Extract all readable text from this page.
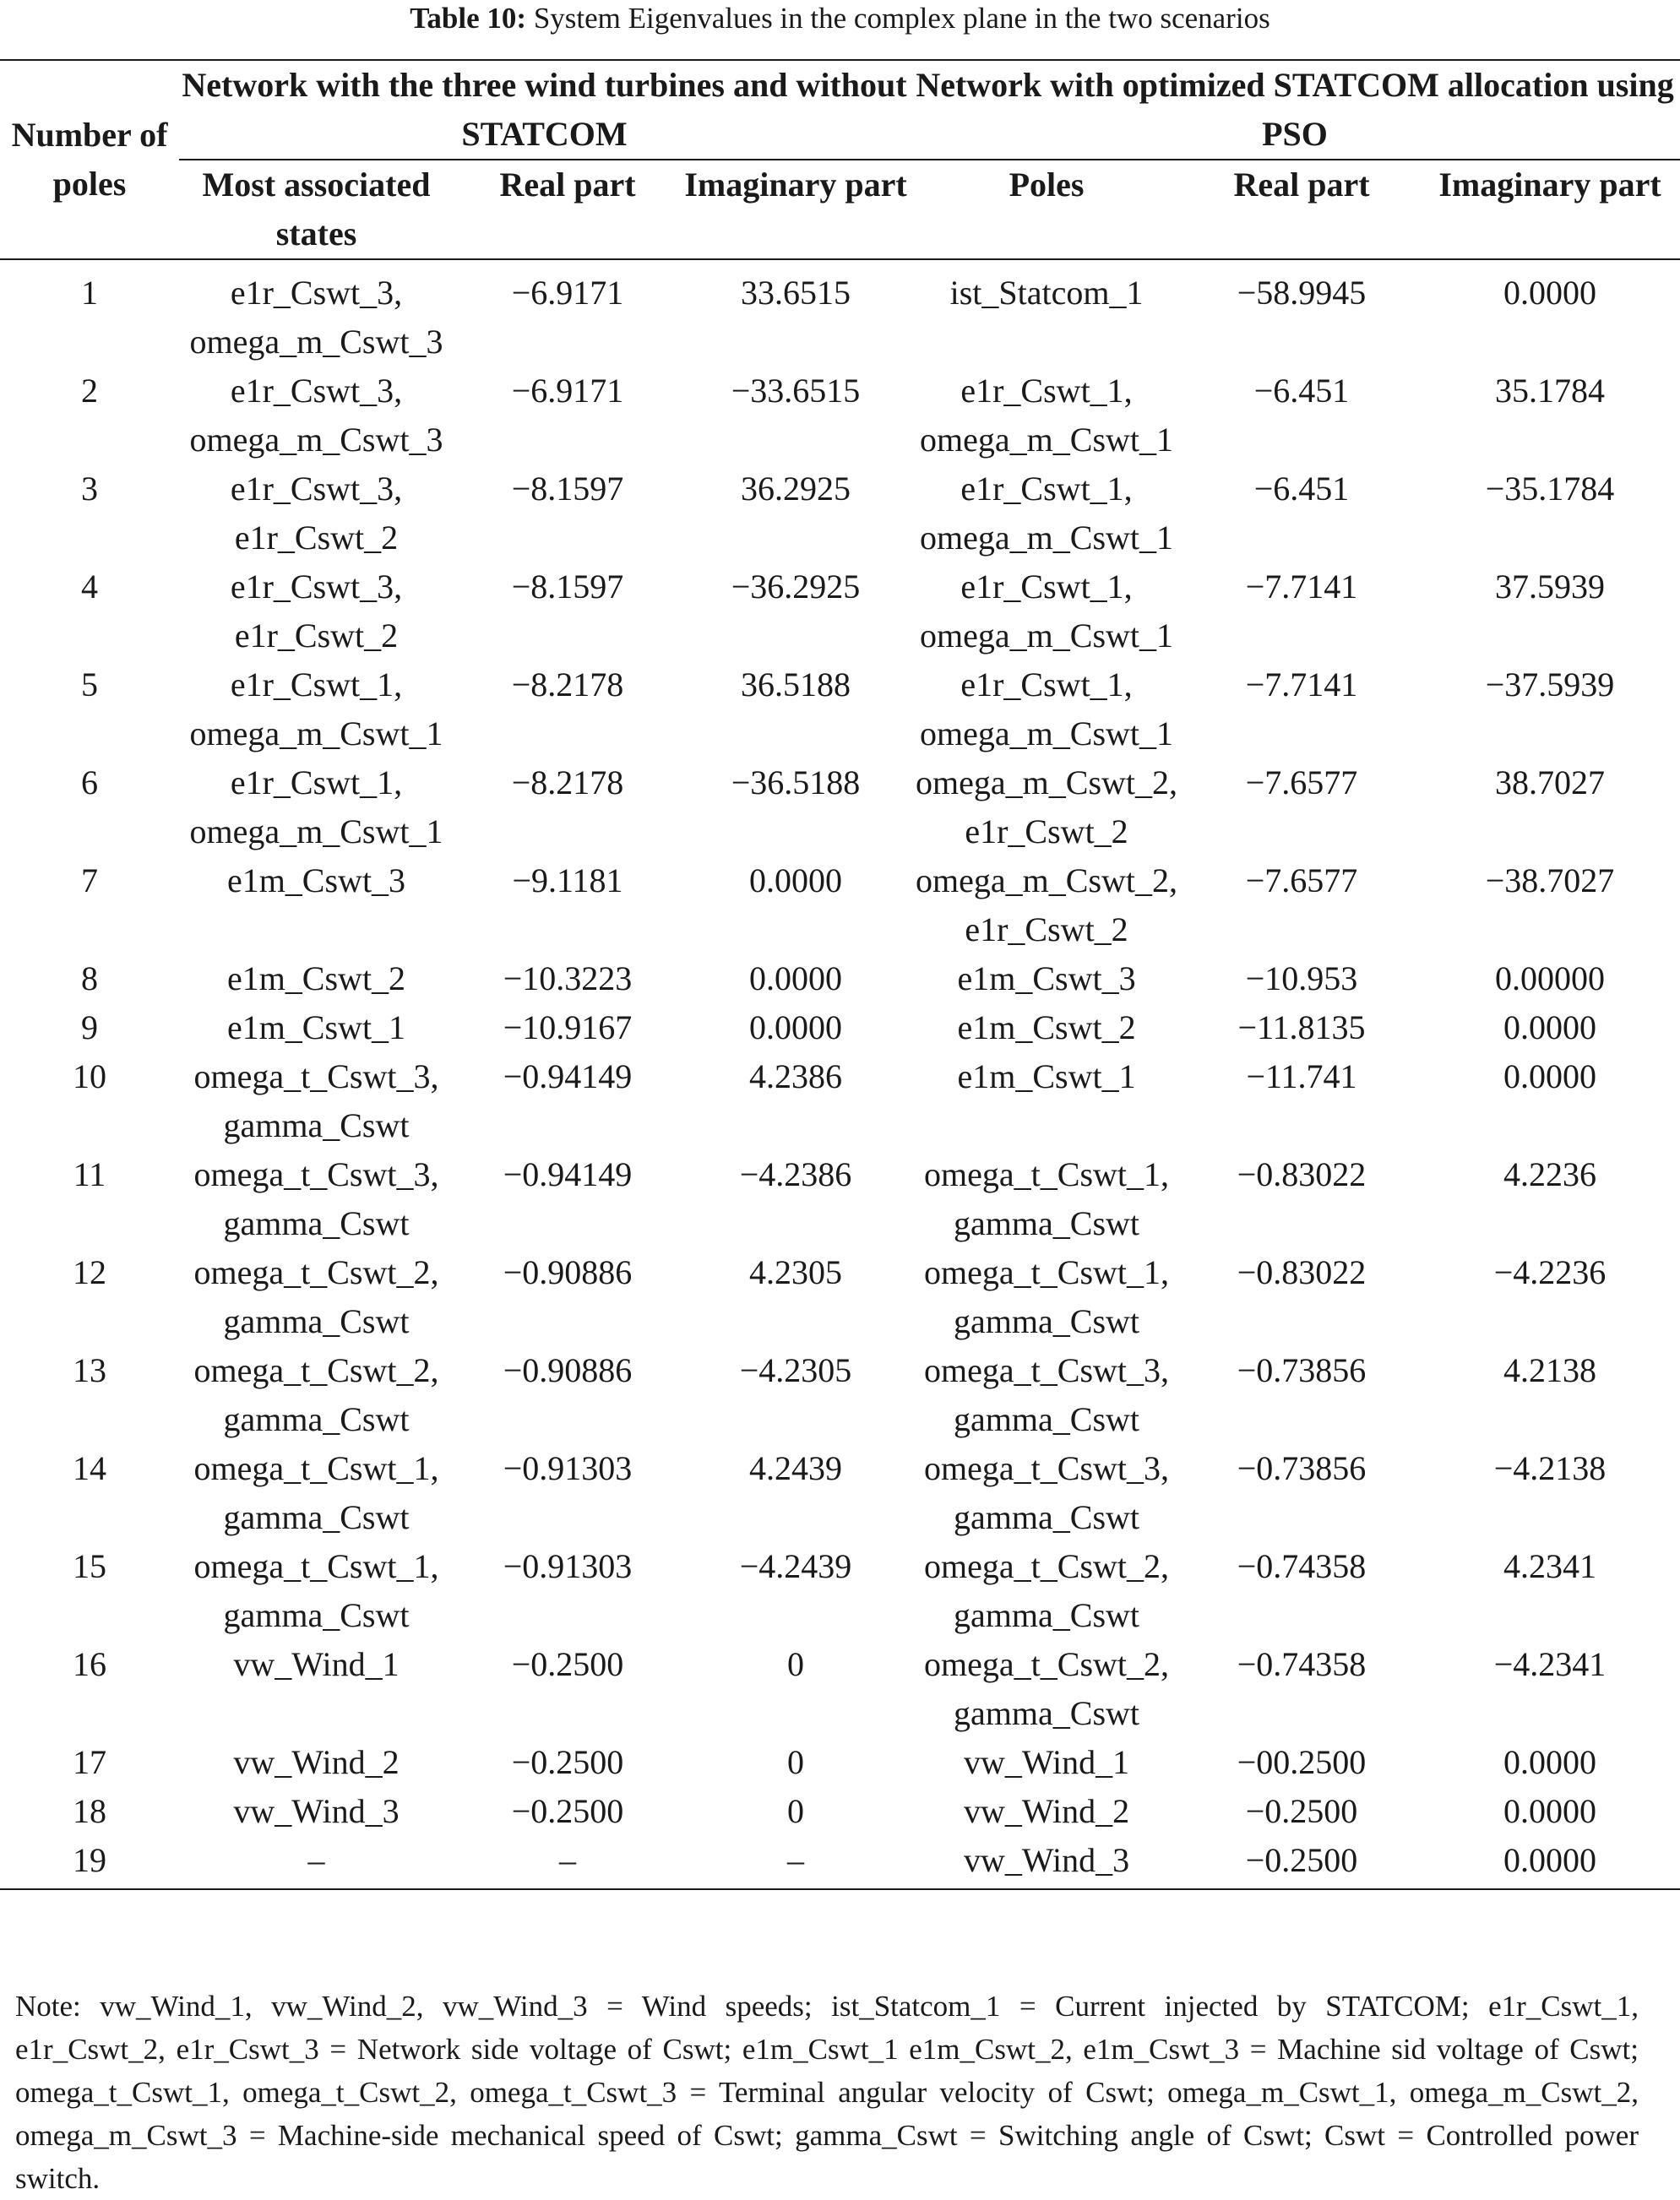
Table 10: System Eigenvalues in the complex plane in the two scenarios
Number of poles	Network with the three wind turbines and without STATCOM			Network with optimized STATCOM allocation using PSO		
	Most associated states	Real part	Imaginary part	Poles	Real part	Imaginary part
1	e1r_Cswt_3, omega_m_Cswt_3	−6.9171	33.6515	ist_Statcom_1	−58.9945	0.0000
2	e1r_Cswt_3, omega_m_Cswt_3	−6.9171	−33.6515	e1r_Cswt_1, omega_m_Cswt_1	−6.451	35.1784
3	e1r_Cswt_3, e1r_Cswt_2	−8.1597	36.2925	e1r_Cswt_1, omega_m_Cswt_1	−6.451	−35.1784
4	e1r_Cswt_3, e1r_Cswt_2	−8.1597	−36.2925	e1r_Cswt_1, omega_m_Cswt_1	−7.7141	37.5939
5	e1r_Cswt_1, omega_m_Cswt_1	−8.2178	36.5188	e1r_Cswt_1, omega_m_Cswt_1	−7.7141	−37.5939
6	e1r_Cswt_1, omega_m_Cswt_1	−8.2178	−36.5188	omega_m_Cswt_2, e1r_Cswt_2	−7.6577	38.7027
7	e1m_Cswt_3	−9.1181	0.0000	omega_m_Cswt_2, e1r_Cswt_2	−7.6577	−38.7027
8	e1m_Cswt_2	−10.3223	0.0000	e1m_Cswt_3	−10.953	0.00000
9	e1m_Cswt_1	−10.9167	0.0000	e1m_Cswt_2	−11.8135	0.0000
10	omega_t_Cswt_3, gamma_Cswt	−0.94149	4.2386	e1m_Cswt_1	−11.741	0.0000
11	omega_t_Cswt_3, gamma_Cswt	−0.94149	−4.2386	omega_t_Cswt_1, gamma_Cswt	−0.83022	4.2236
12	omega_t_Cswt_2, gamma_Cswt	−0.90886	4.2305	omega_t_Cswt_1, gamma_Cswt	−0.83022	−4.2236
13	omega_t_Cswt_2, gamma_Cswt	−0.90886	−4.2305	omega_t_Cswt_3, gamma_Cswt	−0.73856	4.2138
14	omega_t_Cswt_1, gamma_Cswt	−0.91303	4.2439	omega_t_Cswt_3, gamma_Cswt	−0.73856	−4.2138
15	omega_t_Cswt_1, gamma_Cswt	−0.91303	−4.2439	omega_t_Cswt_2, gamma_Cswt	−0.74358	4.2341
16	vw_Wind_1	−0.2500	0	omega_t_Cswt_2, gamma_Cswt	−0.74358	−4.2341
17	vw_Wind_2	−0.2500	0	vw_Wind_1	−00.2500	0.0000
18	vw_Wind_3	−0.2500	0	vw_Wind_2	−0.2500	0.0000
19	–	–	–	vw_Wind_3	−0.2500	0.0000
Note: vw_Wind_1, vw_Wind_2, vw_Wind_3 = Wind speeds; ist_Statcom_1 = Current injected by STATCOM; e1r_Cswt_1, e1r_Cswt_2, e1r_Cswt_3 = Network side voltage of Cswt; e1m_Cswt_1 e1m_Cswt_2, e1m_Cswt_3 = Machine sid voltage of Cswt; omega_t_Cswt_1, omega_t_Cswt_2, omega_t_Cswt_3 = Terminal angular velocity of Cswt; omega_m_Cswt_1, omega_m_Cswt_2, omega_m_Cswt_3 = Machine-side mechanical speed of Cswt; gamma_Cswt = Switching angle of Cswt; Cswt = Controlled power switch.
